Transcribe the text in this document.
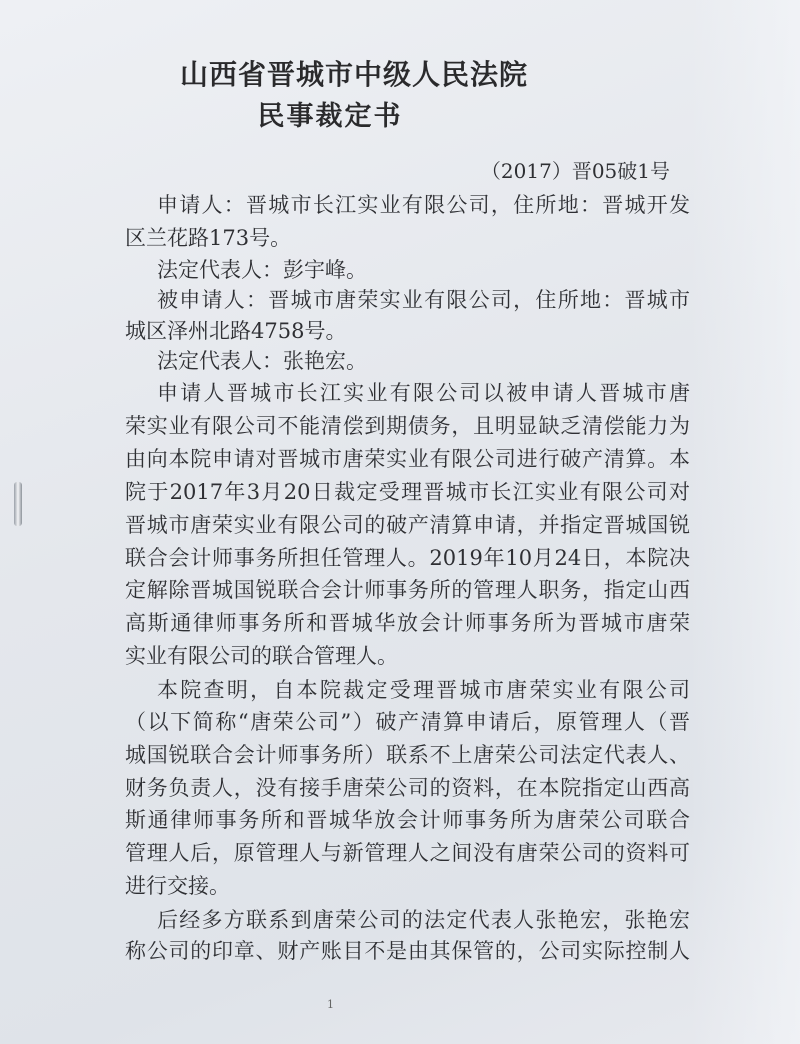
山西省晋城市中级人民法院
民事裁定书
（2017）晋05破1号
申请人：晋城市长江实业有限公司，住所地：晋城开发
区兰花路173号。
法定代表人：彭宇峰。
被申请人：晋城市唐荣实业有限公司，住所地：晋城市
城区泽州北路4758号。
法定代表人：张艳宏。
申请人晋城市长江实业有限公司以被申请人晋城市唐
荣实业有限公司不能清偿到期债务，且明显缺乏清偿能力为
由向本院申请对晋城市唐荣实业有限公司进行破产清算。本
院于2017年3月20日裁定受理晋城市长江实业有限公司对
晋城市唐荣实业有限公司的破产清算申请，并指定晋城国锐
联合会计师事务所担任管理人。2019年10月24日，本院决
定解除晋城国锐联合会计师事务所的管理人职务，指定山西
高斯通律师事务所和晋城华放会计师事务所为晋城市唐荣
实业有限公司的联合管理人。
本院查明，自本院裁定受理晋城市唐荣实业有限公司
（以下简称“唐荣公司”）破产清算申请后，原管理人（晋
城国锐联合会计师事务所）联系不上唐荣公司法定代表人、
财务负责人，没有接手唐荣公司的资料，在本院指定山西高
斯通律师事务所和晋城华放会计师事务所为唐荣公司联合
管理人后，原管理人与新管理人之间没有唐荣公司的资料可
进行交接。
后经多方联系到唐荣公司的法定代表人张艳宏，张艳宏
称公司的印章、财产账目不是由其保管的，公司实际控制人
1
